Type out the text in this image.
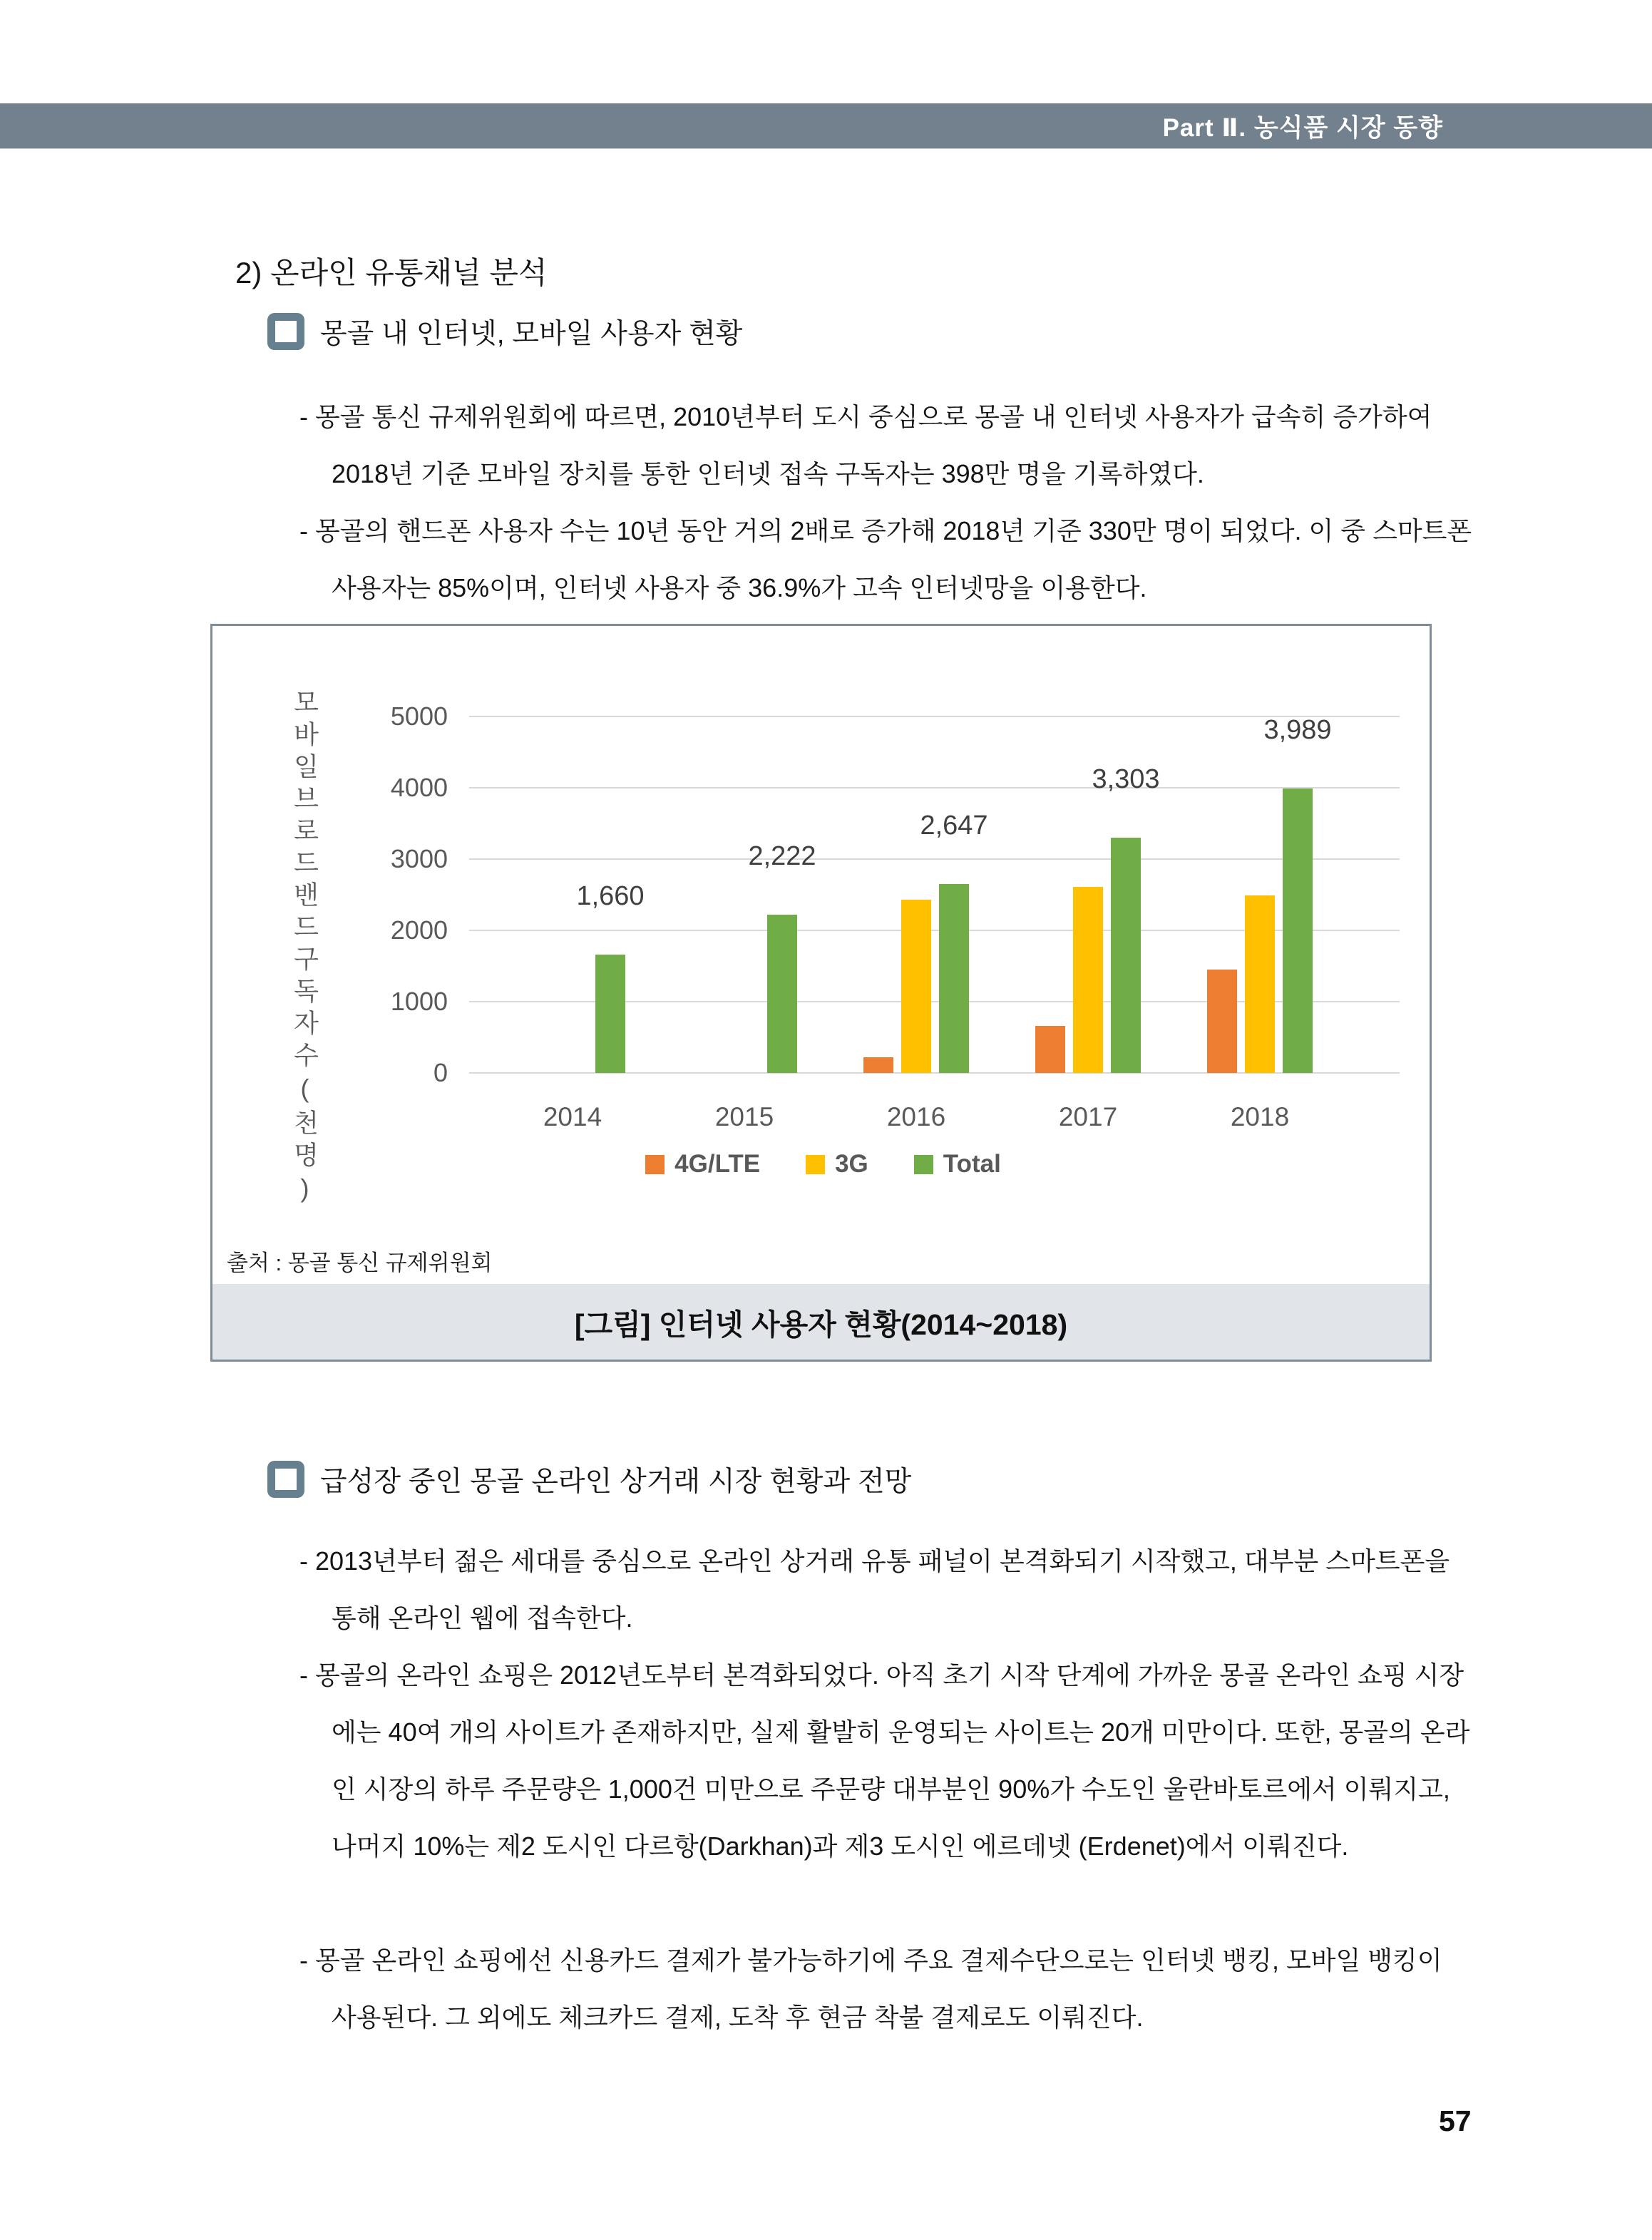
Part Ⅱ. 농식품 시장 동향
2) 온라인 유통채널 분석
몽골 내 인터넷, 모바일 사용자 현황
- 몽골 통신 규제위원회에 따르면, 2010년부터 도시 중심으로 몽골 내 인터넷 사용자가 급속히 증가하여 2018년 기준 모바일 장치를 통한 인터넷 접속 구독자는 398만 명을 기록하였다.
- 몽골의 핸드폰 사용자 수는 10년 동안 거의 2배로 증가해 2018년 기준 330만 명이 되었다. 이 중 스마트폰 사용자는 85%이며, 인터넷 사용자 중 36.9%가 고속 인터넷망을 이용한다.
모바일브로드밴드구독자수(천명)	0
1000
2000
3000
4000
5000
1,660
2,222
2,647
3,303
3,989
2014	2015	2016	2017	2018
4G/LTE	3G	Total
출처 : 몽골 통신 규제위원회
[그림] 인터넷 사용자 현황(2014~2018)
급성장 중인 몽골 온라인 상거래 시장 현황과 전망
- 2013년부터 젊은 세대를 중심으로 온라인 상거래 유통 패널이 본격화되기 시작했고, 대부분 스마트폰을 통해 온라인 웹에 접속한다.
- 몽골의 온라인 쇼핑은 2012년도부터 본격화되었다. 아직 초기 시작 단계에 가까운 몽골 온라인 쇼핑 시장에는 40여 개의 사이트가 존재하지만, 실제 활발히 운영되는 사이트는 20개 미만이다. 또한, 몽골의 온라인 시장의 하루 주문량은 1,000건 미만으로 주문량 대부분인 90%가 수도인 울란바토르에서 이뤄지고, 나머지 10%는 제2 도시인 다르항(Darkhan)과 제3 도시인 에르데넷 (Erdenet)에서 이뤄진다.
- 몽골 온라인 쇼핑에선 신용카드 결제가 불가능하기에 주요 결제수단으로는 인터넷 뱅킹, 모바일 뱅킹이 사용된다. 그 외에도 체크카드 결제, 도착 후 현금 착불 결제로도 이뤄진다.
57
